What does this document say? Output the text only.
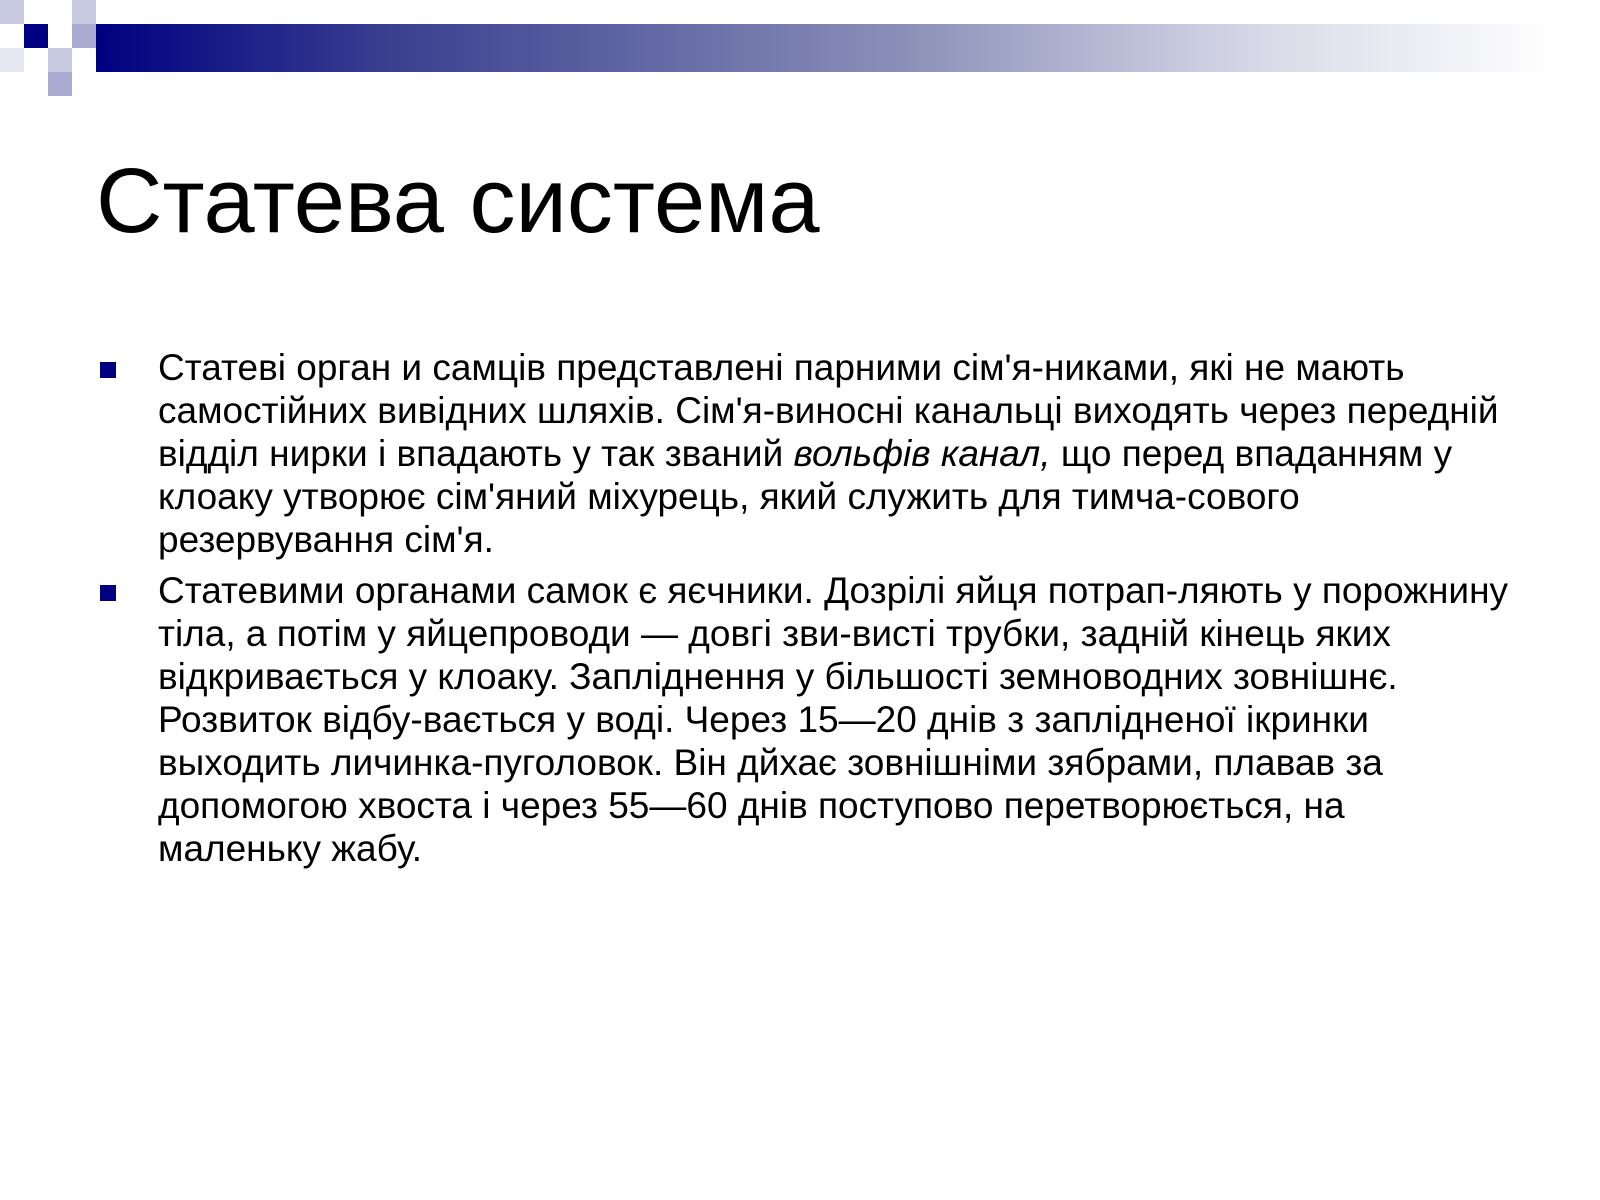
Статева система
Статеві орган и самців представлені парними сім'я-никами, які не мають самостійних вивідних шляхів. Сім'я-виносні канальці виходять через передній відділ нирки і впадають у так званий вольфів канал, що перед впаданням у клоаку утворює сім'яний міхурець, який служить для тимча-сового резервування сім'я.
Статевими органами самок є яєчники. Дозрілі яйця потрап-ляють у порожнину тіла, а потім у яйцепроводи — довгі зви-висті трубки, задній кінець яких відкривається у клоаку. Запліднення у більшості земноводних зовнішнє. Розвиток відбу-вається у воді. Через 15—20 днів з заплідненої ікринки выходить личинка-пуголовок. Він дйхає зовнішніми зябрами, плавав за допомогою хвоста і через 55—60 днів поступово перетворюється, на маленьку жабу.
